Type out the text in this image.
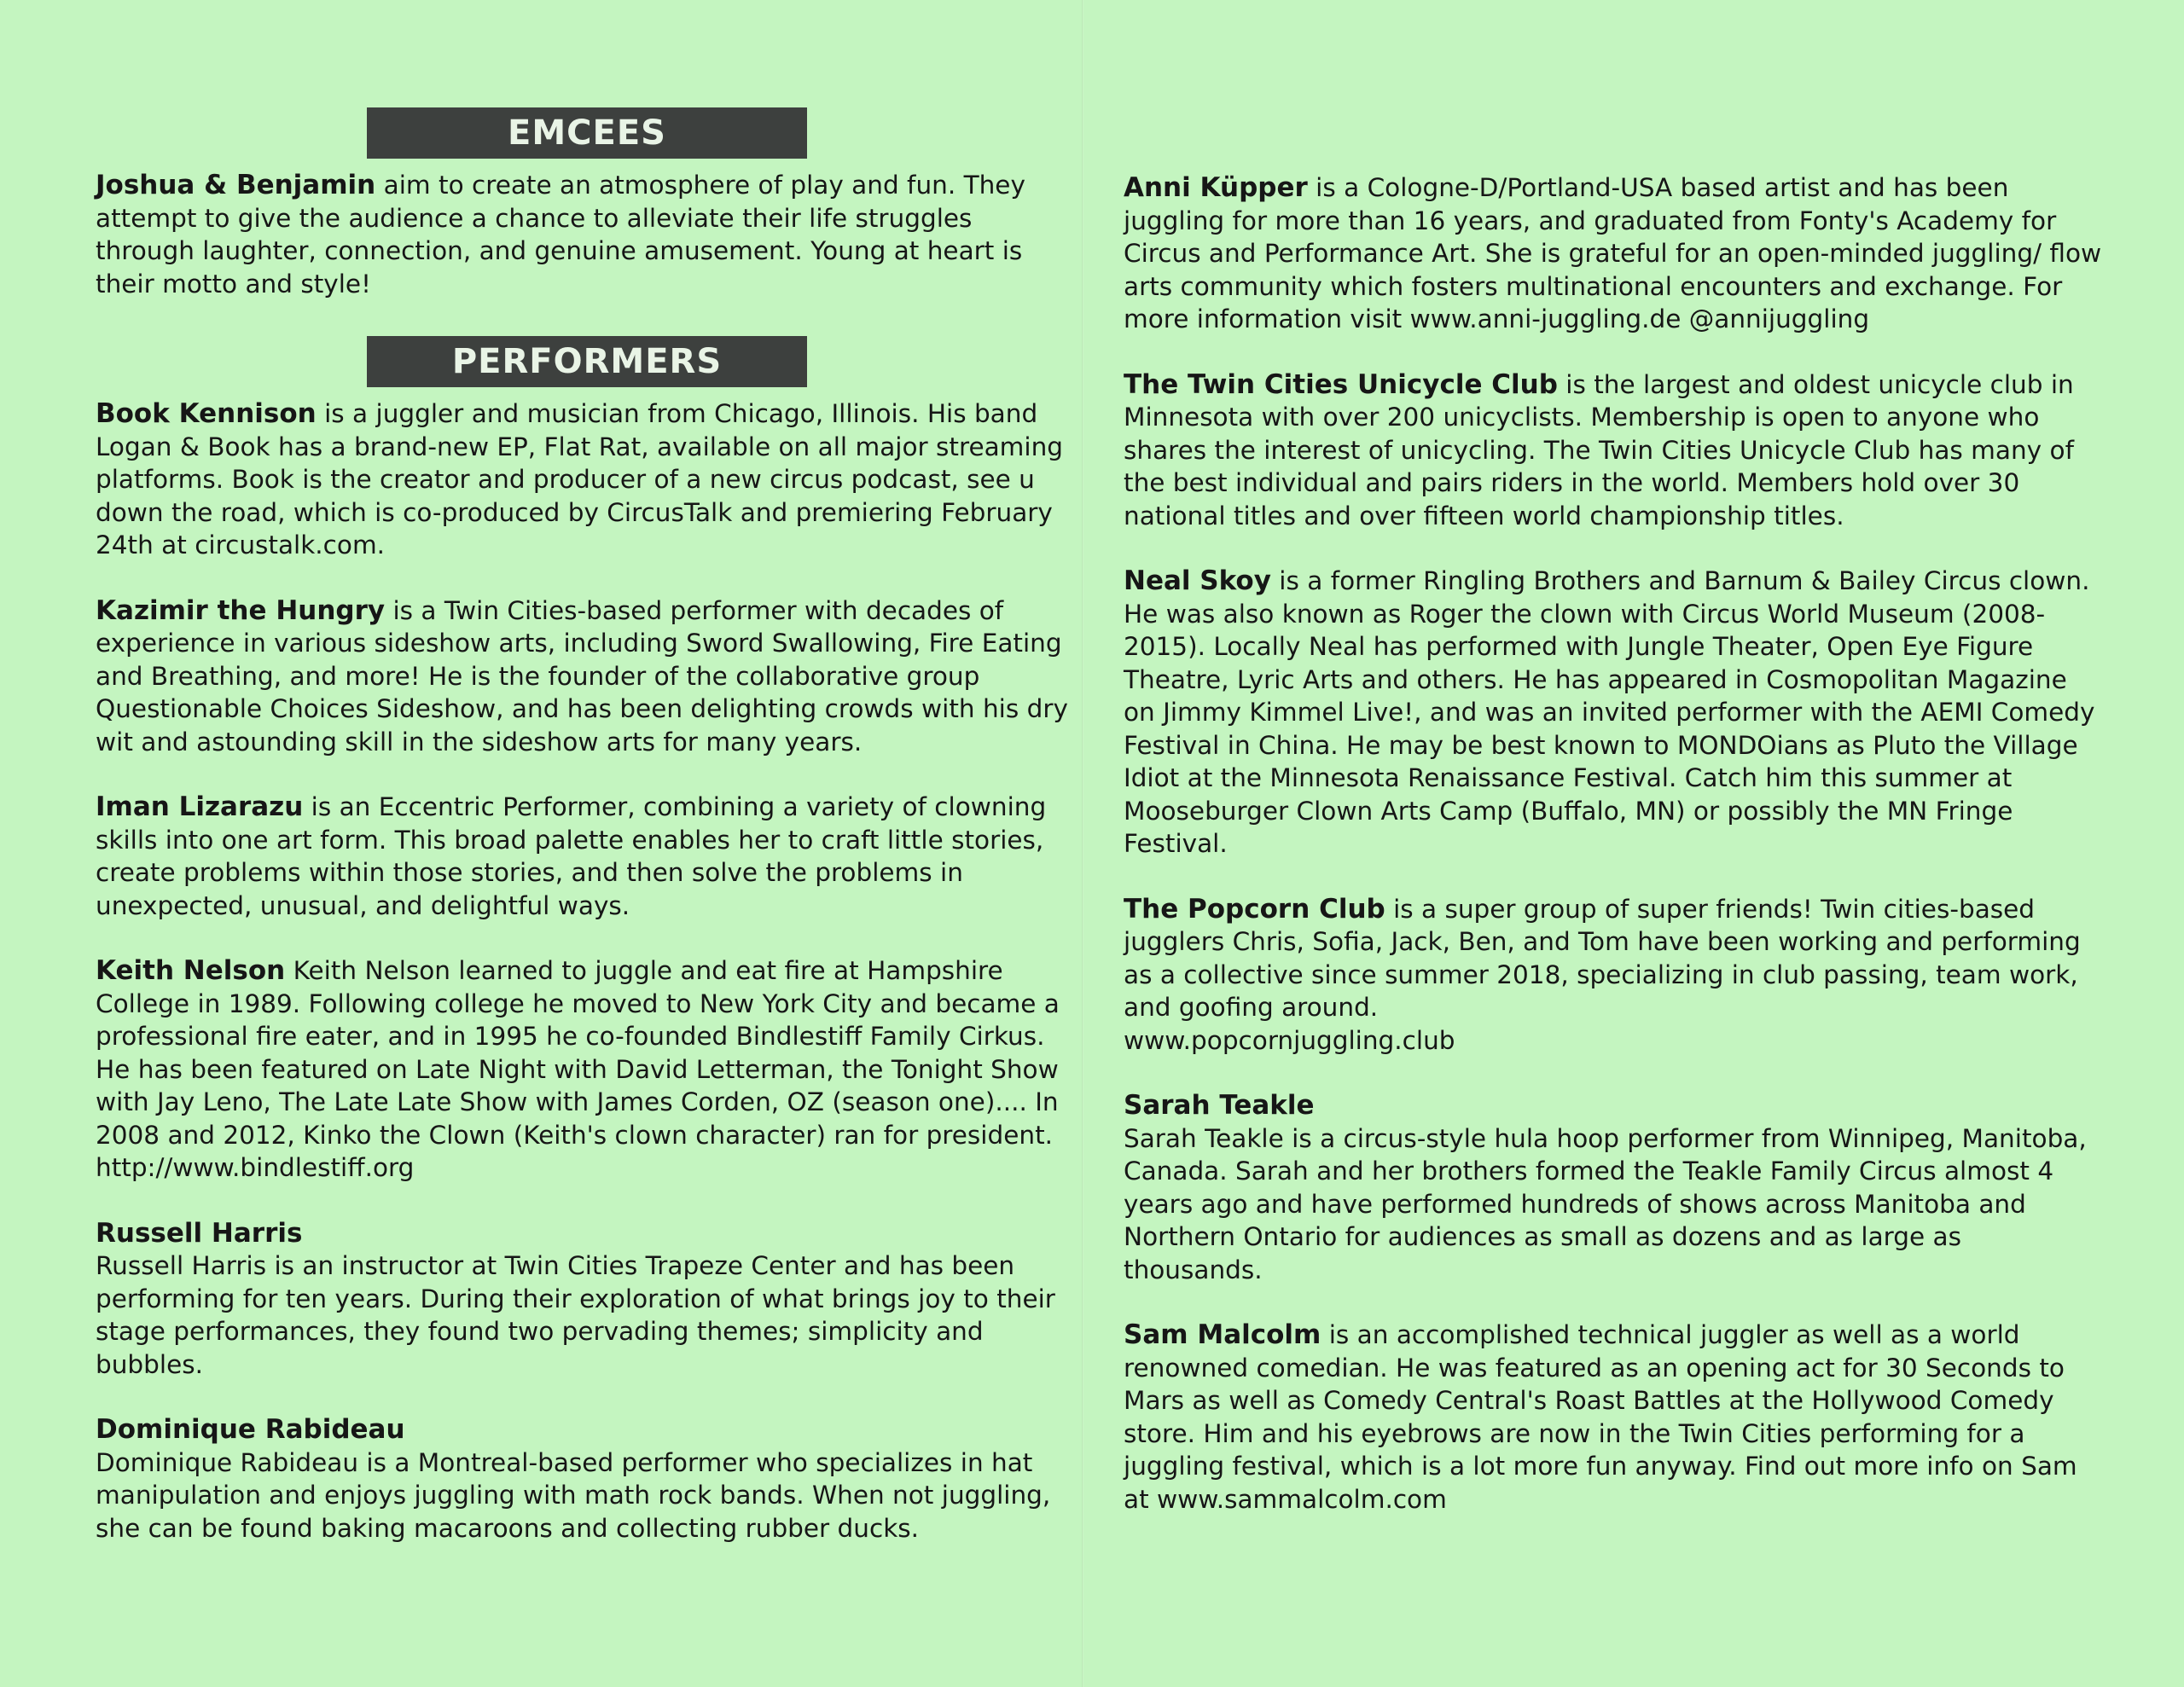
EMCEES

Joshua & Benjamin aim to create an atmosphere of play and fun. They attempt to give the audience a chance to alleviate their life struggles through laughter, connection, and genuine amusement. Young at heart is their motto and style!

PERFORMERS

Book Kennison is a juggler and musician from Chicago, Illinois. His band Logan & Book has a brand-new EP, Flat Rat, available on all major streaming platforms. Book is the creator and producer of a new circus podcast, see u down the road, which is co-produced by CircusTalk and premiering February 24th at circustalk.com.

Kazimir the Hungry is a Twin Cities-based performer with decades of experience in various sideshow arts, including Sword Swallowing, Fire Eating and Breathing, and more! He is the founder of the collaborative group Questionable Choices Sideshow, and has been delighting crowds with his dry wit and astounding skill in the sideshow arts for many years.

Iman Lizarazu is an Eccentric Performer, combining a variety of clowning skills into one art form. This broad palette enables her to craft little stories, create problems within those stories, and then solve the problems in unexpected, unusual, and delightful ways.

Keith Nelson Keith Nelson learned to juggle and eat fire at Hampshire College in 1989. Following college he moved to New York City and became a professional fire eater, and in 1995 he co-founded Bindlestiff Family Cirkus. He has been featured on Late Night with David Letterman, the Tonight Show with Jay Leno, The Late Late Show with James Corden, OZ (season one).... In 2008 and 2012, Kinko the Clown (Keith's clown character) ran for president.
http://www.bindlestiff.org

Russell Harris
Russell Harris is an instructor at Twin Cities Trapeze Center and has been performing for ten years. During their exploration of what brings joy to their stage performances, they found two pervading themes; simplicity and bubbles.

Dominique Rabideau
Dominique Rabideau is a Montreal-based performer who specializes in hat manipulation and enjoys juggling with math rock bands. When not juggling, she can be found baking macaroons and collecting rubber ducks.

Anni Küpper is a Cologne-D/Portland-USA based artist and has been juggling for more than 16 years, and graduated from Fonty's Academy for Circus and Performance Art. She is grateful for an open-minded juggling/ flow arts community which fosters multinational encounters and exchange. For more information visit www.anni-juggling.de @annijuggling

The Twin Cities Unicycle Club is the largest and oldest unicycle club in Minnesota with over 200 unicyclists. Membership is open to anyone who shares the interest of unicycling. The Twin Cities Unicycle Club has many of the best individual and pairs riders in the world. Members hold over 30 national titles and over fifteen world championship titles.

Neal Skoy is a former Ringling Brothers and Barnum & Bailey Circus clown. He was also known as Roger the clown with Circus World Museum (2008-2015). Locally Neal has performed with Jungle Theater, Open Eye Figure Theatre, Lyric Arts and others. He has appeared in Cosmopolitan Magazine on Jimmy Kimmel Live!, and was an invited performer with the AEMI Comedy Festival in China. He may be best known to MONDOians as Pluto the Village Idiot at the Minnesota Renaissance Festival. Catch him this summer at Mooseburger Clown Arts Camp (Buffalo, MN) or possibly the MN Fringe Festival.

The Popcorn Club is a super group of super friends! Twin cities-based jugglers Chris, Sofia, Jack, Ben, and Tom have been working and performing as a collective since summer 2018, specializing in club passing, team work, and goofing around.
www.popcornjuggling.club

Sarah Teakle
Sarah Teakle is a circus-style hula hoop performer from Winnipeg, Manitoba, Canada. Sarah and her brothers formed the Teakle Family Circus almost 4 years ago and have performed hundreds of shows across Manitoba and Northern Ontario for audiences as small as dozens and as large as thousands.

Sam Malcolm is an accomplished technical juggler as well as a world renowned comedian. He was featured as an opening act for 30 Seconds to Mars as well as Comedy Central's Roast Battles at the Hollywood Comedy store. Him and his eyebrows are now in the Twin Cities performing for a juggling festival, which is a lot more fun anyway. Find out more info on Sam at www.sammalcolm.com
